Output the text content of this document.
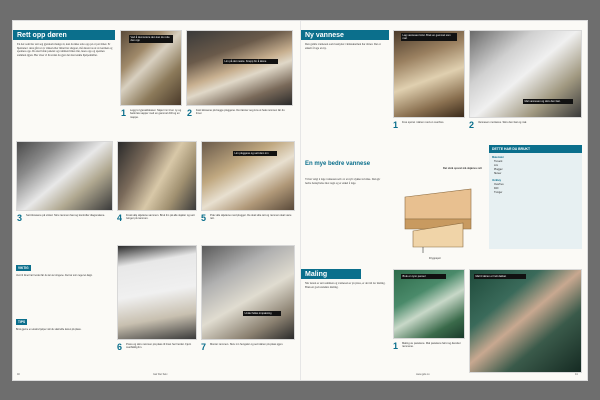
Rett opp døren
En dør som har satt seg gjennom mange år, kan du ikke rette opp på et par timer. Er hjørnene i døra gått ut av vinkel eller limet har sluppet, må døren tas ut av karmen og spennes opp. Da skal både panelet og rammen limes inn, løses opp og spennes sammen igjen. Her viser vi hvordan du gjør det med enkle hjelpemidler.
Ved å demontere den kan du rette den opp
Lim på det meste. Knepp for å løsne
1 Legg to lyjenekloksser. Skjær inn til en ny og bank løs sapper med en gammel drill og en mappe.	2 Fest klossene på begge pluggene. Det lønner seg å ta ut hele rammen før du limer.
Lim pluggene og sett dem inn
3 Sett klossene på vinkel. Skru rammen fast og kontroller diagonalene.	4 Fresk alle skjøtene sammen. Bruk lim på alle skjøter og sett tvinger på rammen.	5 Prøv alle skjøtene med plugger. De skal sitte tett og rammen skal være rett.
Under felles innpakning
VIKTIG
Vent til limet har herdet før du tar av tvingene. Det tar som regel et døgn.
TIPS
Bruk gjerne en ekstra hjelper når du skal løfte døren på plass.
6 Press og skru rammen på plass til limet har herdet. Fjern overflødig lim.	7 Monter rammen. Skru inn hengsler og sett døren på plass igjen.
40	Gør Det Selv
Ny vannese
Den gamle vannesen som beskytter vinduskarmen har råtnet. Det er enkelt å lage en ny.
Lag vannesen først. Bruk en gammel som mal.
Mal vannesen og skru den fast.
1 Fres sporet i døren med en overfres.	2 Vannesen monteres. Skru den fast og mal.
En mye bedre vannese
Vi har valgt å lage vannesen selv av et nytt stykke trevirke. Den gir bedre beskyttelse mot regn og er enkel å lage.
Det skrå sporet må skjæres rett
Dryppspor
DETTE HAR DU BRUKT
Materialer
Treverk
Lim
Plugger
Skruer
Verktøy
Overfres
Drill
Tvinger
Maling
Når døren er satt sammen og vannesen er på plass, er det tid for maling. Bruk en god utendørs maling.
Bruk en tynn pensel	Mal til døren er helt dekket
1 Maling av panelene. Mal panelene først og deretter rammene.
www.gds.no	41
